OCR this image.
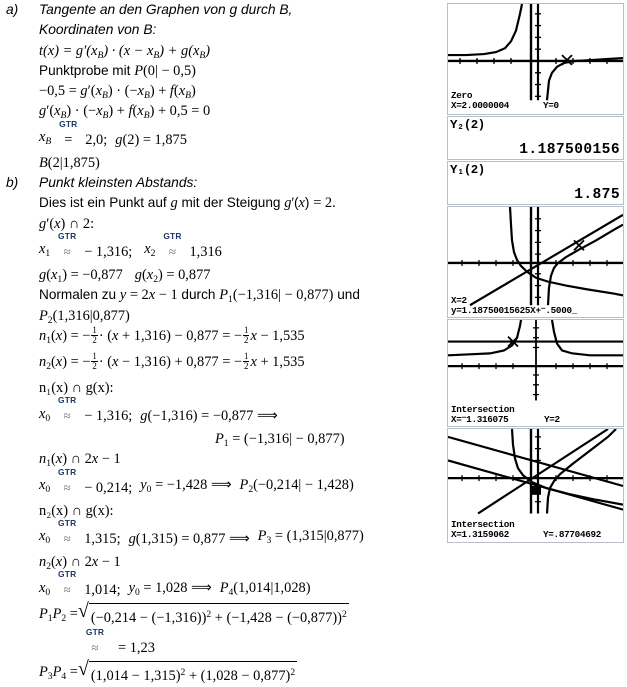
a)	Tangente an den Graphen von g durch B,
Koordinaten von B:
$t(x) = g'(x_B) \cdot (x - x_B) + g(x_B)$
Punktprobe mit P(0| − 0,5)
$-0,5 = g'(x_B) \cdot (-x_B) + f(x_B)$
$g'(x_B) \cdot (-x_B) + f(x_B) + 0,5 = 0$
$x_B$
GTR
= 2,0; g(2) = 1,875
B(2|1,875)
b)	Punkt kleinsten Abstands:
Dies ist ein Punkt auf g mit der Steigung g′(x) = 2.
g′(x) ∩ 2:
$x_1$
GTR
≈ − 1,316; $x_2$
GTR
≈ 1,316
$g(x_1) = -0,877$ $g(x_2) = 0,877$
Normalen zu y = 2x − 1 durch $P_1(-1,316| - 0,877)$ und
$P_2(1,316|0,877)$
$n_1(x)$ = − $\frac{1}{2} \cdot (x + 1,316) - 0,877$ = − $\frac{1}{2}$ x − 1,535
$n_2(x)$ = − $\frac{1}{2} \cdot (x - 1,316) + 0,877$ = − $\frac{1}{2}$ x + 1,535
n₁(x) ∩ g(x):
$x_0$
GTR
≈ − 1,316; g(−1,316) = −0,877 ⟹
$P_1 = (-1,316| - 0,877)$
$n_1(x)$ ∩ 2x − 1
$x_0$
GTR
≈ − 0,214; $y_0 = -1,428$ ⟹ $P_2(-0,214| - 1,428)$
n₂(x) ∩ g(x):
$x_0$
GTR
≈ 1,315; g(1,315) = 0,877 ⟹ $P_3 = (1,315|0,877)$
$n_2(x)$ ∩ 2x − 1
$x_0$
GTR
≈ 1,014; $y_0 = 1,028$ ⟹ $P_4(1,014|1,028)$
$P_1P_2$ = √ $(-0,214 - (-1,316))^2 + (-1,428 - (-0,877))^2$
GTR
≈	= 1,23
$P_3P_4$ = √ $(1,014 - 1,315)^2 + (1,028 - 0,877)^2$
Zero
X=2.0000004	Y=0
Y₂(2)
1.187500156
Y₁(2)
1.875
X=2
y=1.18750015625X+⁻.5000_
Intersection
X=⁻1.316075	Y=2
Intersection
X=1.3159062	Y=.87704692
